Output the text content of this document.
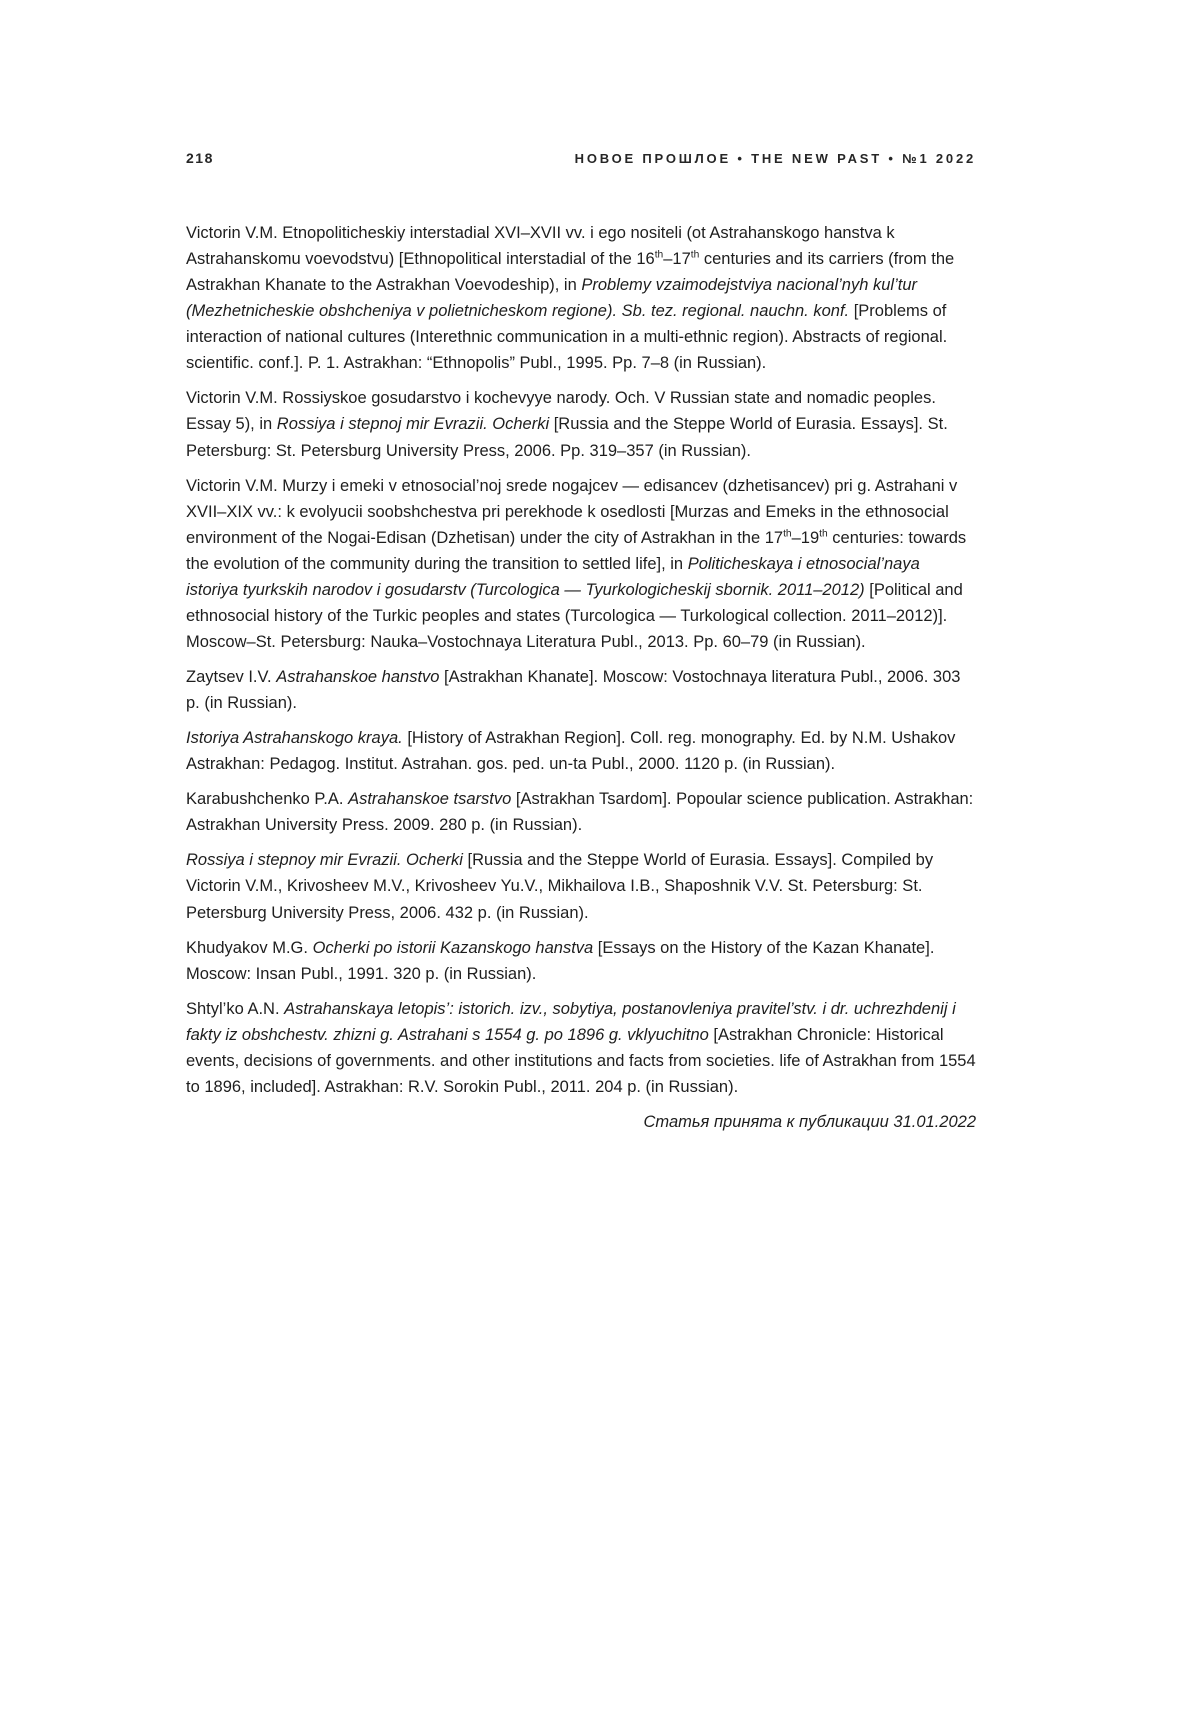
218	НОВОЕ ПРОШЛОЕ • THE NEW PAST • №1 2022

Victorin V.M. Etnopoliticheskiy interstadial XVI–XVII vv. i ego nositeli (ot Astrahanskogo hanstva k Astrahanskomu voevodstvu) [Ethnopolitical interstadial of the 16th–17th centuries and its carriers (from the Astrakhan Khanate to the Astrakhan Voevodeship), in Problemy vzaimodejstviya nacional’nyh kul’tur (Mezhetnicheskie obshcheniya v polietnicheskom regione). Sb. tez. regional. nauchn. konf. [Problems of interaction of national cultures (Interethnic communication in a multi-ethnic region). Abstracts of regional. scientific. conf.]. P. 1. Astrakhan: “Ethnopolis” Publ., 1995. Pp. 7–8 (in Russian).

Victorin V.M. Rossiyskoe gosudarstvo i kochevyye narody. Och. V Russian state and nomadic peoples. Essay 5), in Rossiya i stepnoj mir Evrazii. Ocherki [Russia and the Steppe World of Eurasia. Essays]. St. Petersburg: St. Petersburg University Press, 2006. Pp. 319–357 (in Russian).

Victorin V.M. Murzy i emeki v etnosocial’noj srede nogajcev — edisancev (dzhetisancev) pri g. Astrahani v XVII–XIX vv.: k evolyucii soobshchestva pri perekhode k osedlosti [Murzas and Emeks in the ethnosocial environment of the Nogai-Edisan (Dzhetisan) under the city of Astrakhan in the 17th–19th centuries: towards the evolution of the community during the transition to settled life], in Politicheskaya i etnosocial’naya istoriya tyurkskih narodov i gosudarstv (Turcologica — Tyurkologicheskij sbornik. 2011–2012) [Political and ethnosocial history of the Turkic peoples and states (Turcologica — Turkological collection. 2011–2012)]. Moscow–St. Petersburg: Nauka–Vostochnaya Literatura Publ., 2013. Pp. 60–79 (in Russian).

Zaytsev I.V. Astrahanskoe hanstvo [Astrakhan Khanate]. Moscow: Vostochnaya literatura Publ., 2006. 303 p. (in Russian).

Istoriya Astrahanskogo kraya. [History of Astrakhan Region]. Coll. reg. monography. Ed. by N.M. Ushakov Astrakhan: Pedagog. Institut. Astrahan. gos. ped. un-ta Publ., 2000. 1120 p. (in Russian).

Karabushchenko P.A. Astrahanskoe tsarstvo [Astrakhan Tsardom]. Popoular science publication. Astrakhan: Astrakhan University Press. 2009. 280 p. (in Russian).

Rossiya i stepnoy mir Evrazii. Ocherki [Russia and the Steppe World of Eurasia. Essays]. Compiled by Victorin V.M., Krivosheev M.V., Krivosheev Yu.V., Mikhailova I.B., Shaposhnik V.V. St. Petersburg: St. Petersburg University Press, 2006. 432 p. (in Russian).

Khudyakov M.G. Ocherki po istorii Kazanskogo hanstva [Essays on the History of the Kazan Khanate]. Moscow: Insan Publ., 1991. 320 p. (in Russian).

Shtyl’ko A.N. Astrahanskaya letopis’: istorich. izv., sobytiya, postanovleniya pravitel’stv. i dr. uchrezhdenij i fakty iz obshchestv. zhizni g. Astrahani s 1554 g. po 1896 g. vklyuchitno [Astrakhan Chronicle: Historical events, decisions of governments. and other institutions and facts from societies. life of Astrakhan from 1554 to 1896, included]. Astrakhan: R.V. Sorokin Publ., 2011. 204 p. (in Russian).

Статья принята к публикации 31.01.2022
